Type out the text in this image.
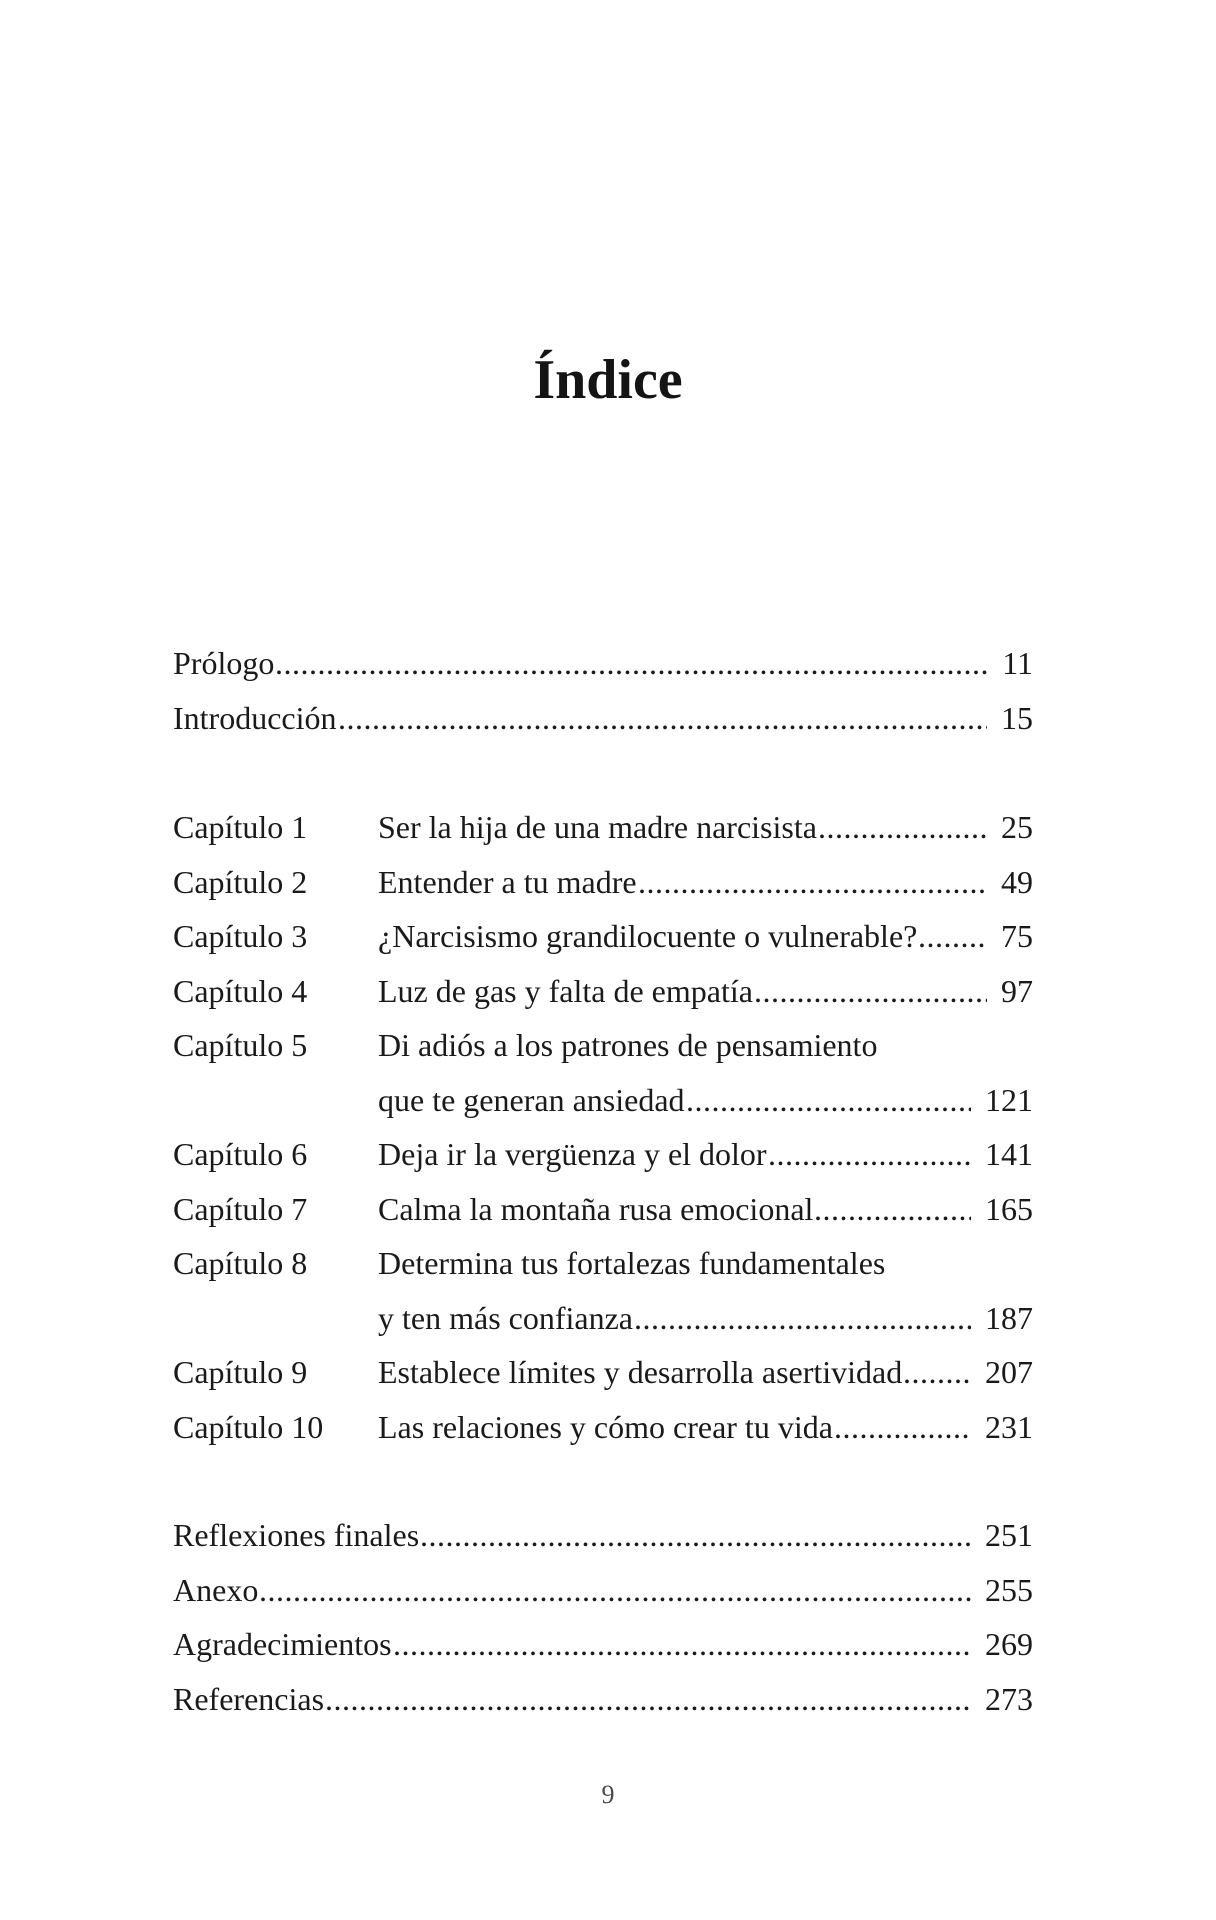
Índice
Prólogo	11
.....
Introducción	15
.....
Capítulo 1 Ser la hija de una madre narcisista	25
.....
Capítulo 2 Entender a tu madre	49
.....
Capítulo 3 ¿Narcisismo grandilocuente o vulnerable?	75
.....
Capítulo 4 Luz de gas y falta de empatía	97
.....
Capítulo 5 Di adiós a los patrones de pensamiento
que te generan ansiedad	121
.....
Capítulo 6 Deja ir la vergüenza y el dolor	141
.....
Capítulo 7 Calma la montaña rusa emocional	165
.....
Capítulo 8 Determina tus fortalezas fundamentales
y ten más confianza	187
.....
Capítulo 9 Establece límites y desarrolla asertividad	207
.....
Capítulo 10 Las relaciones y cómo crear tu vida	231
.....
Reflexiones finales	251
.....
Anexo	255
.....
Agradecimientos	269
.....
Referencias	273
.....
9
